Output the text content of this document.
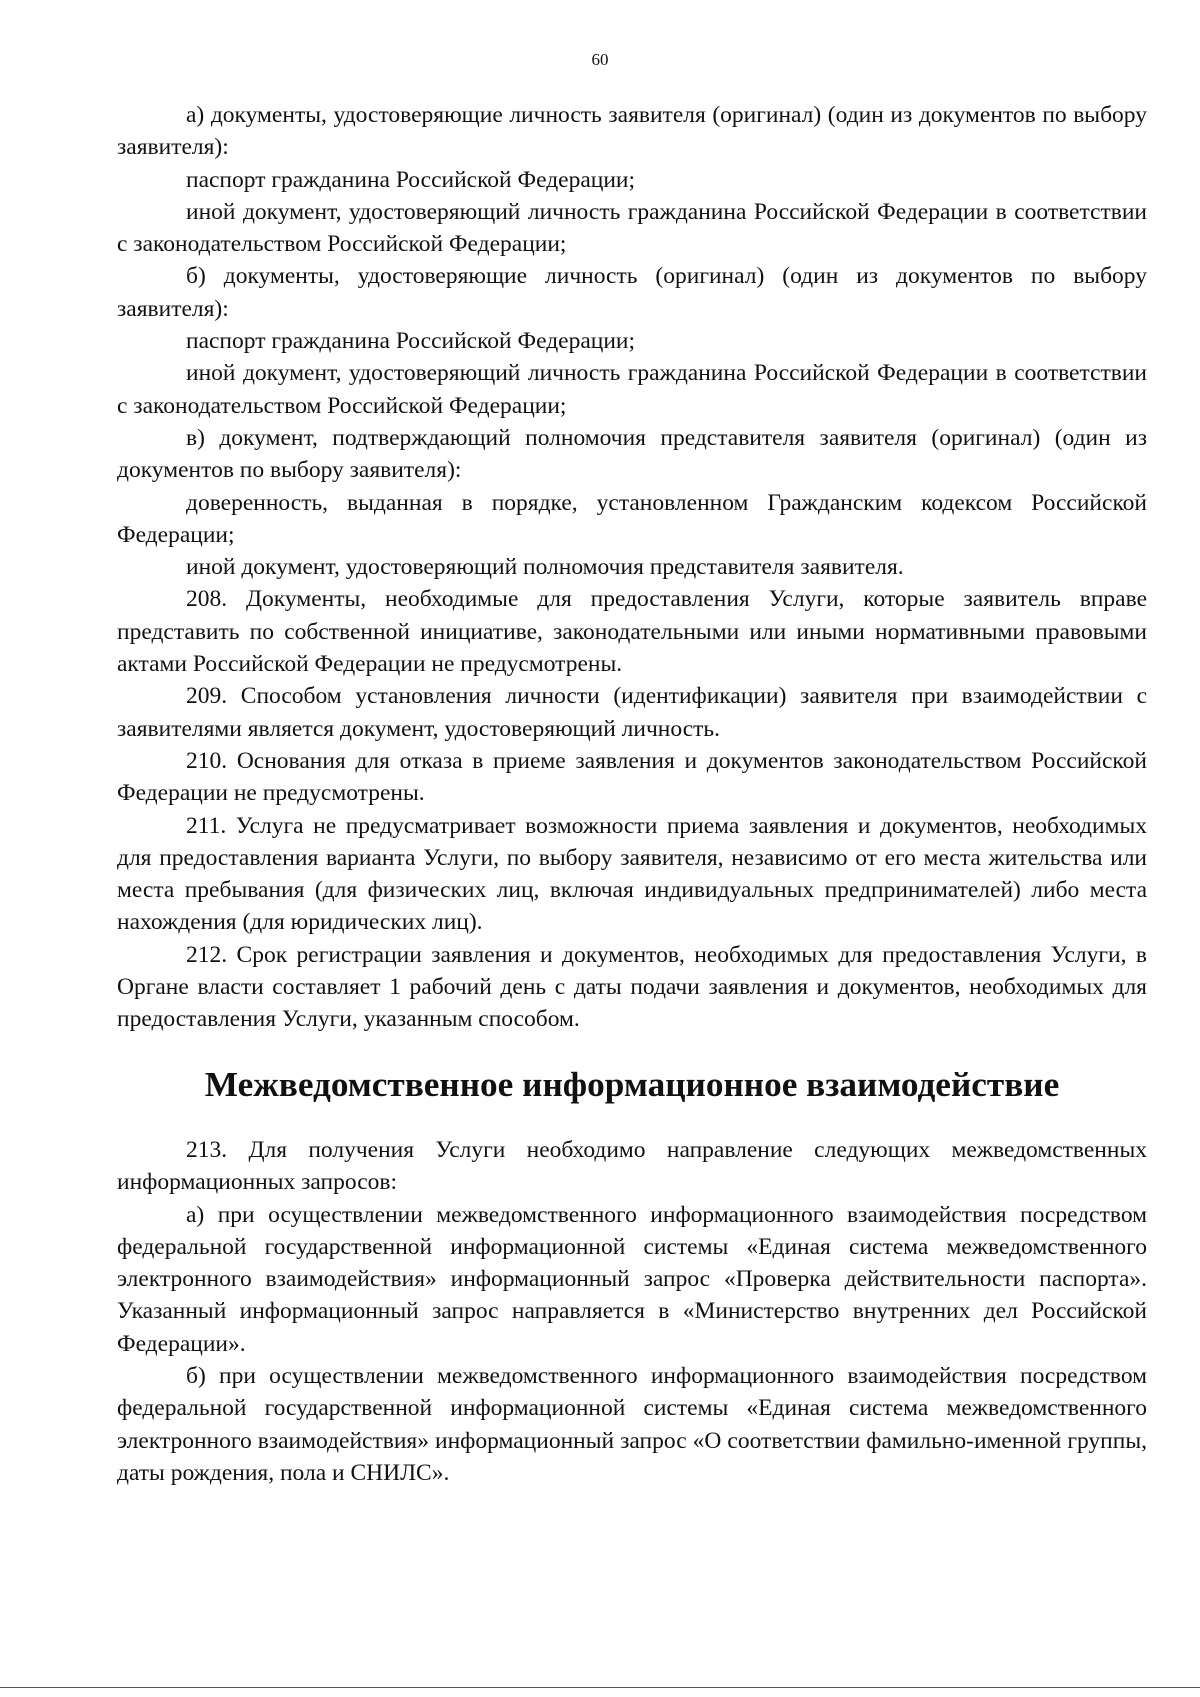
60

а) документы, удостоверяющие личность заявителя (оригинал) (один из документов по выбору заявителя):

паспорт гражданина Российской Федерации;

иной документ, удостоверяющий личность гражданина Российской Федерации в соответствии с законодательством Российской Федерации;

б) документы, удостоверяющие личность (оригинал) (один из документов по выбору заявителя):

паспорт гражданина Российской Федерации;

иной документ, удостоверяющий личность гражданина Российской Федерации в соответствии с законодательством Российской Федерации;

в) документ, подтверждающий полномочия представителя заявителя (оригинал) (один из документов по выбору заявителя):

доверенность, выданная в порядке, установленном Гражданским кодексом Российской Федерации;

иной документ, удостоверяющий полномочия представителя заявителя.

208. Документы, необходимые для предоставления Услуги, которые заявитель вправе представить по собственной инициативе, законодательными или иными нормативными правовыми актами Российской Федерации не предусмотрены.

209. Способом установления личности (идентификации) заявителя при взаимодействии с заявителями является документ, удостоверяющий личность.

210. Основания для отказа в приеме заявления и документов законодательством Российской Федерации не предусмотрены.

211. Услуга не предусматривает возможности приема заявления и документов, необходимых для предоставления варианта Услуги, по выбору заявителя, независимо от его места жительства или места пребывания (для физических лиц, включая индивидуальных предпринимателей) либо места нахождения (для юридических лиц).

212. Срок регистрации заявления и документов, необходимых для предоставления Услуги, в Органе власти составляет 1 рабочий день с даты подачи заявления и документов, необходимых для предоставления Услуги, указанным способом.

Межведомственное информационное взаимодействие

213. Для получения Услуги необходимо направление следующих межведомственных информационных запросов:

а) при осуществлении межведомственного информационного взаимодействия посредством федеральной государственной информационной системы «Единая система межведомственного электронного взаимодействия» информационный запрос «Проверка действительности паспорта». Указанный информационный запрос направляется в «Министерство внутренних дел Российской Федерации».

б) при осуществлении межведомственного информационного взаимодействия посредством федеральной государственной информационной системы «Единая система межведомственного электронного взаимодействия» информационный запрос «О соответствии фамильно-именной группы, даты рождения, пола и СНИЛС».
